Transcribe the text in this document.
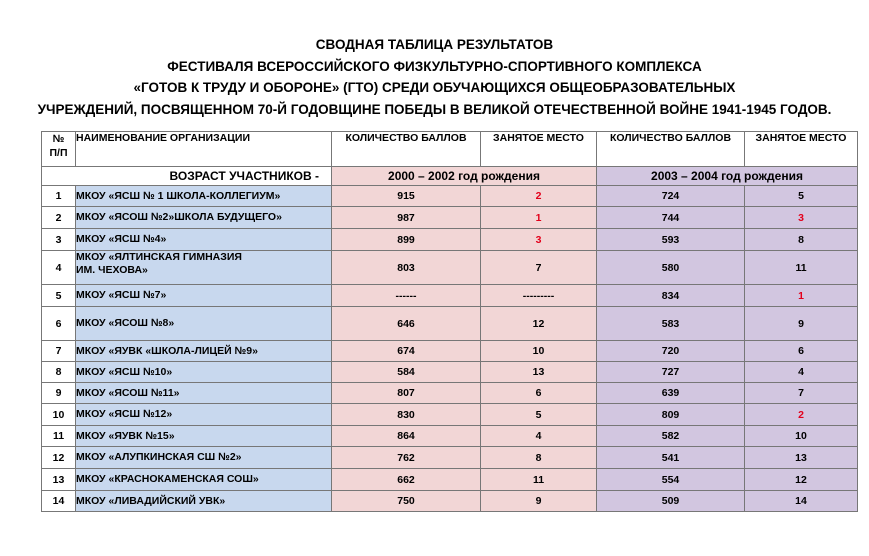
СВОДНАЯ ТАБЛИЦА РЕЗУЛЬТАТОВ
ФЕСТИВАЛЯ ВСЕРОССИЙСКОГО ФИЗКУЛЬТУРНО-СПОРТИВНОГО КОМПЛЕКСА
«ГОТОВ К ТРУДУ И ОБОРОНЕ» (ГТО) СРЕДИ ОБУЧАЮЩИХСЯ ОБЩЕОБРАЗОВАТЕЛЬНЫХ
УЧРЕЖДЕНИЙ, ПОСВЯЩЕННОМ 70-Й ГОДОВЩИНЕ ПОБЕДЫ В ВЕЛИКОЙ ОТЕЧЕСТВЕННОЙ ВОЙНЕ 1941-1945 ГОДОВ.
№
П/П	НАИМЕНОВАНИЕ ОРГАНИЗАЦИИ	КОЛИЧЕСТВО БАЛЛОВ	ЗАНЯТОЕ МЕСТО	КОЛИЧЕСТВО БАЛЛОВ	ЗАНЯТОЕ МЕСТО
ВОЗРАСТ УЧАСТНИКОВ -		2000 – 2002 год рождения		2003 – 2004 год рождения	
1	МКОУ «ЯСШ № 1 ШКОЛА-КОЛЛЕГИУМ»	915	2	724	5
2	МКОУ «ЯСОШ №2»ШКОЛА БУДУЩЕГО»	987	1	744	3
3	МКОУ «ЯСШ №4»	899	3	593	8
4	МКОУ «ЯЛТИНСКАЯ ГИМНАЗИЯ
ИМ. ЧЕХОВА»	803	7	580	11
5	МКОУ «ЯСШ №7»	------	---------	834	1
6	МКОУ «ЯСОШ №8»	646	12	583	9
7	МКОУ «ЯУВК «ШКОЛА-ЛИЦЕЙ №9»	674	10	720	6
8	МКОУ «ЯСШ №10»	584	13	727	4
9	МКОУ «ЯСОШ №11»	807	6	639	7
10	МКОУ «ЯСШ №12»	830	5	809	2
11	МКОУ «ЯУВК №15»	864	4	582	10
12	МКОУ «АЛУПКИНСКАЯ СШ №2»	762	8	541	13
13	МКОУ «КРАСНОКАМЕНСКАЯ СОШ»	662	11	554	12
14	МКОУ «ЛИВАДИЙСКИЙ УВК»	750	9	509	14
